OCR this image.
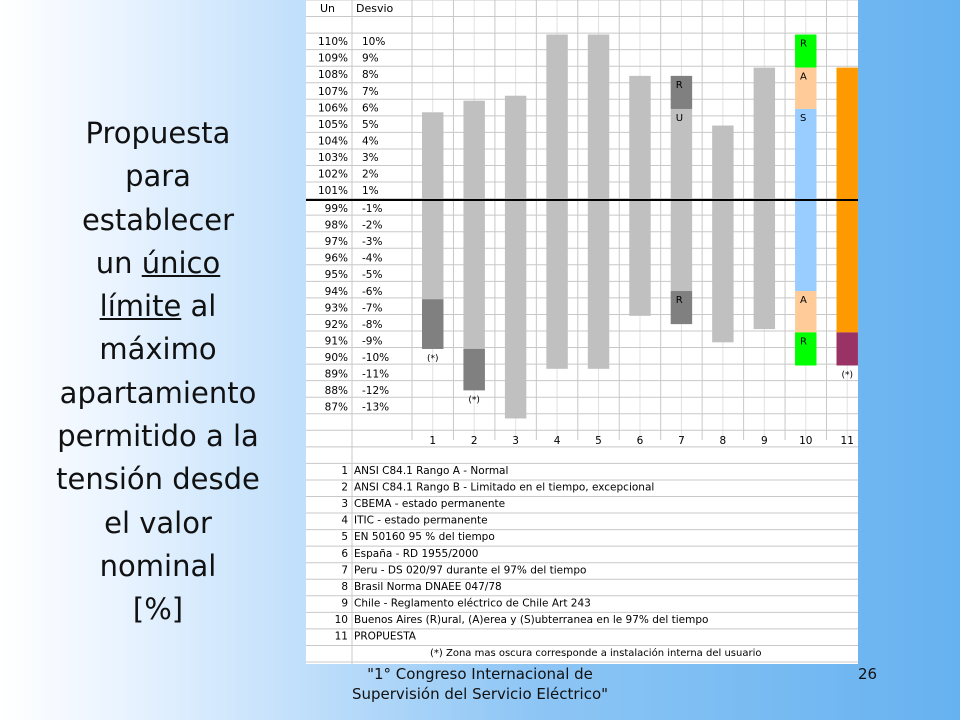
Propuesta
para
establecer
un único
límite al
máximo
apartamiento
permitido a la
tensión desde
el valor
nominal
[%]
Un Desvio
110% 10%
109% 9%
108% 8%
107% 7%
106% 6%
105% 5%
104% 4%
103% 3%
102% 2%
101% 1%
99% -1%
98% -2%
97% -3%
96% -4%
95% -5%
94% -6%
93% -7%
92% -8%
91% -9%
90% -10%
89% -11%
88% -12%
87% -13%
(*)
1
(*)
2	3	4	5	6
R
U
R
7	8	9
R
A
S
A
R
10
(*)
11
1 ANSI C84.1 Rango A - Normal
2 ANSI C84.1 Rango B - Limitado en el tiempo, excepcional
3 CBEMA - estado permanente
4 ITIC - estado permanente
5 EN 50160 95 % del tiempo
6 España - RD 1955/2000
7 Peru - DS 020/97 durante el 97% del tiempo
8 Brasil Norma DNAEE 047/78
9 Chile - Reglamento eléctrico de Chile Art 243
10 Buenos Aires (R)ural, (A)erea y (S)ubterranea en le 97% del tiempo
11 PROPUESTA
(*) Zona mas oscura corresponde a instalación interna del usuario
"1° Congreso Internacional de
Supervisión del Servicio Eléctrico"
26
